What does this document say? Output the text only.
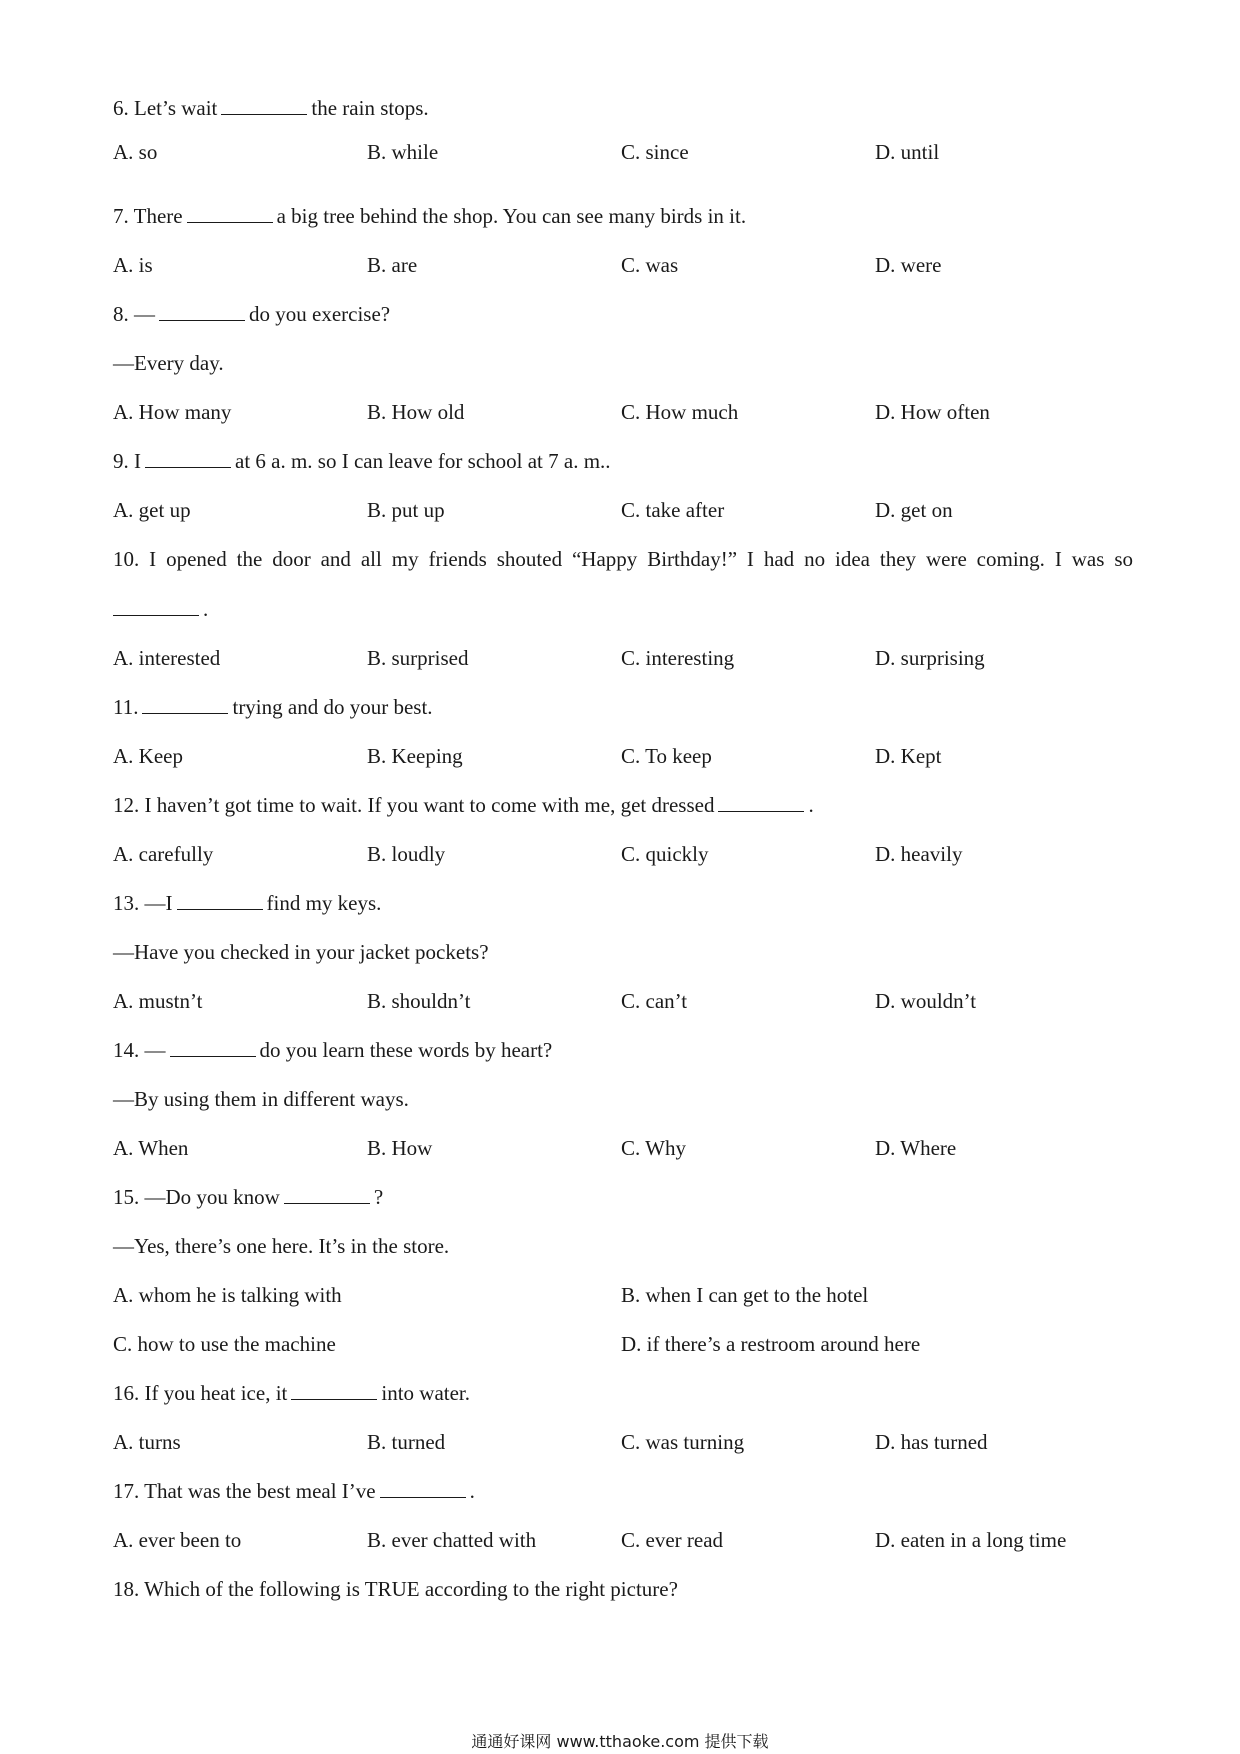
6. Let’s wait	the rain stops.
A. so	B. while	C. since	D. until
7. There	a big tree behind the shop. You can see many birds in it.
A. is	B. are	C. was	D. were
8. —	do you exercise?
—Every day.
A. How many	B. How old	C. How much	D. How often
9. I	at 6 a. m. so I can leave for school at 7 a. m..
A. get up	B. put up	C. take after	D. get on
10. I opened the door and all my friends shouted “Happy Birthday!” I had no idea they were coming. I was so
.
A. interested	B. surprised	C. interesting	D. surprising
11.	trying and do your best.
A. Keep	B. Keeping	C. To keep	D. Kept
12. I haven’t got time to wait. If you want to come with me, get dressed	.
A. carefully	B. loudly	C. quickly	D. heavily
13. —I	find my keys.
—Have you checked in your jacket pockets?
A. mustn’t	B. shouldn’t	C. can’t	D. wouldn’t
14. —	do you learn these words by heart?
—By using them in different ways.
A. When	B. How	C. Why	D. Where
15. —Do you know	?
—Yes, there’s one here. It’s in the store.
A. whom he is talking with	B. when I can get to the hotel
C. how to use the machine	D. if there’s a restroom around here
16. If you heat ice, it	into water.
A. turns	B. turned	C. was turning	D. has turned
17. That was the best meal I’ve	.
A. ever been to	B. ever chatted with	C. ever read	D. eaten in a long time
18. Which of the following is TRUE according to the right picture?
通通好课网 www.tthaoke.com 提供下载
